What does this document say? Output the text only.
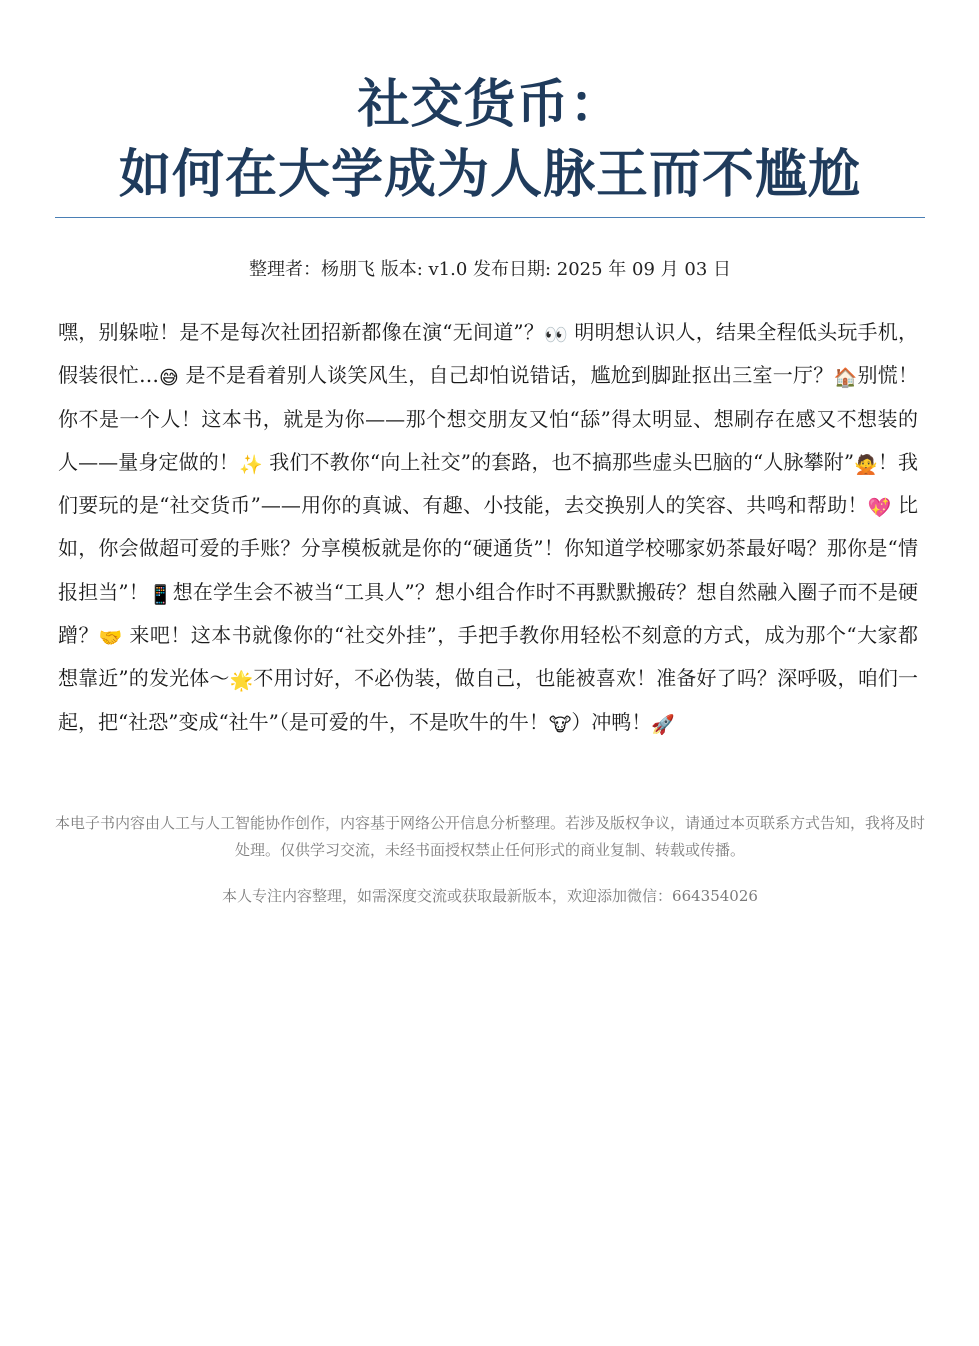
社交货币：
如何在大学成为人脉王而不尴尬
整理者：杨朋飞 版本: v1.0 发布日期: 2025 年 09 月 03 日
嘿，别躲啦！是不是每次社团招新都像在演“无间道”？👀 明明想认识人，结果全程低头玩手机，假装很忙…😅 是不是看着别人谈笑风生，自己却怕说错话，尴尬到脚趾抠出三室一厅？🏠别慌！你不是一个人！这本书，就是为你——那个想交朋友又怕“舔”得太明显、想刷存在感又不想装的人——量身定做的！✨ 我们不教你“向上社交”的套路，也不搞那些虚头巴脑的“人脉攀附”🙅！我们要玩的是“社交货币”——用你的真诚、有趣、小技能，去交换别人的笑容、共鸣和帮助！💖 比如，你会做超可爱的手账？分享模板就是你的“硬通货”！你知道学校哪家奶茶最好喝？那你是“情报担当”！📱想在学生会不被当“工具人”？想小组合作时不再默默搬砖？想自然融入圈子而不是硬蹭？🤝 来吧！这本书就像你的“社交外挂”，手把手教你用轻松不刻意的方式，成为那个“大家都想靠近”的发光体～🌟不用讨好，不必伪装，做自己，也能被喜欢！准备好了吗？深呼吸，咱们一起，把“社恐”变成“社牛”（是可爱的牛，不是吹牛的牛！🐮）冲鸭！🚀
本电子书内容由人工与人工智能协作创作，内容基于网络公开信息分析整理。若涉及版权争议，请通过本页联系方式告知，我将及时处理。仅供学习交流，未经书面授权禁止任何形式的商业复制、转载或传播。
本人专注内容整理，如需深度交流或获取最新版本，欢迎添加微信：664354026
